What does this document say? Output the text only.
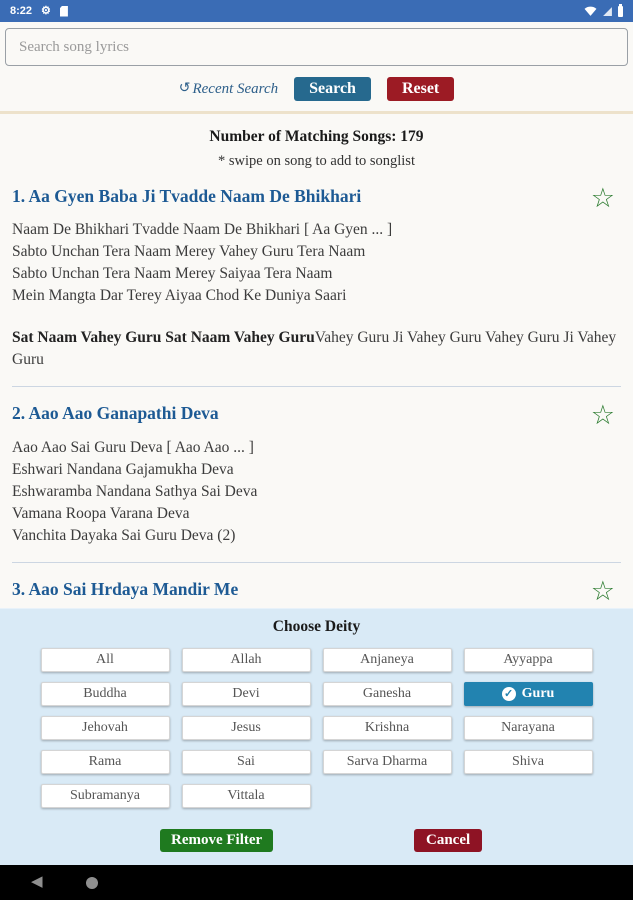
8:22 ⚙
Search song lyrics
↺ Recent Search	Search	Reset
Number of Matching Songs: 179
* swipe on song to add to songlist
1. Aa Gyen Baba Ji Tvadde Naam De Bhikhari	☆
Naam De Bhikhari Tvadde Naam De Bhikhari [ Aa Gyen ... ]
Sabto Unchan Tera Naam Merey Vahey Guru Tera Naam
Sabto Unchan Tera Naam Merey Saiyaa Tera Naam
Mein Mangta Dar Terey Aiyaa Chod Ke Duniya Saari
Sat Naam Vahey Guru Sat Naam Vahey GuruVahey Guru Ji Vahey Guru Vahey Guru Ji Vahey Guru
2. Aao Aao Ganapathi Deva	☆
Aao Aao Sai Guru Deva [ Aao Aao ... ]
Eshwari Nandana Gajamukha Deva
Eshwaramba Nandana Sathya Sai Deva
Vamana Roopa Varana Deva
Vanchita Dayaka Sai Guru Deva (2)
3. Aao Sai Hrdaya Mandir Me	☆
Choose Deity
All	Allah	Anjaneya	Ayyappa
Buddha	Devi	Ganesha	✓ Guru
Jehovah	Jesus	Krishna	Narayana
Rama	Sai	Sarva Dharma	Shiva
Subramanya	Vittala
Remove Filter	Cancel
◀
